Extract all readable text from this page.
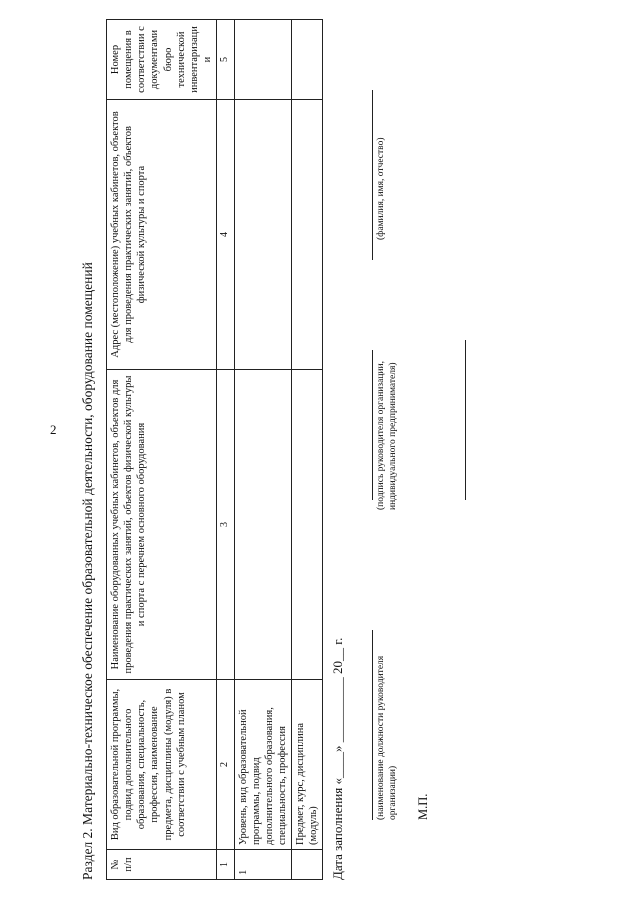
2 Раздел 2. Материально-техническое обеспечение образовательной деятельности, оборудование помещений № п/п	Вид образовательной программы, подвид дополнительного образования, специальность, профессия, наименование предмета, дисциплины (модуля) в соответствии с учебным планом	Наименование оборудованных учебных кабинетов, объектов для проведения практических занятий, объектов физической культуры и спорта с перечнем основного оборудования	Адрес (местоположение) учебных кабинетов, объектов для проведения практических занятий, объектов физической культуры и спорта	Номер помещения в соответствии с документами бюро технической инвентаризации
1	2	3	4	5
1	Уровень, вид образовательной программы, подвид дополнительного образования, специальность, профессия			
	Предмет, курс, дисциплина (модуль)			Дата заполнения «____» __________ 20__ г.
(наименование должности руководителя организации)
(подпись руководителя организации, индивидуального предпринимателя)
(фамилия, имя, отчество)
М.П.
